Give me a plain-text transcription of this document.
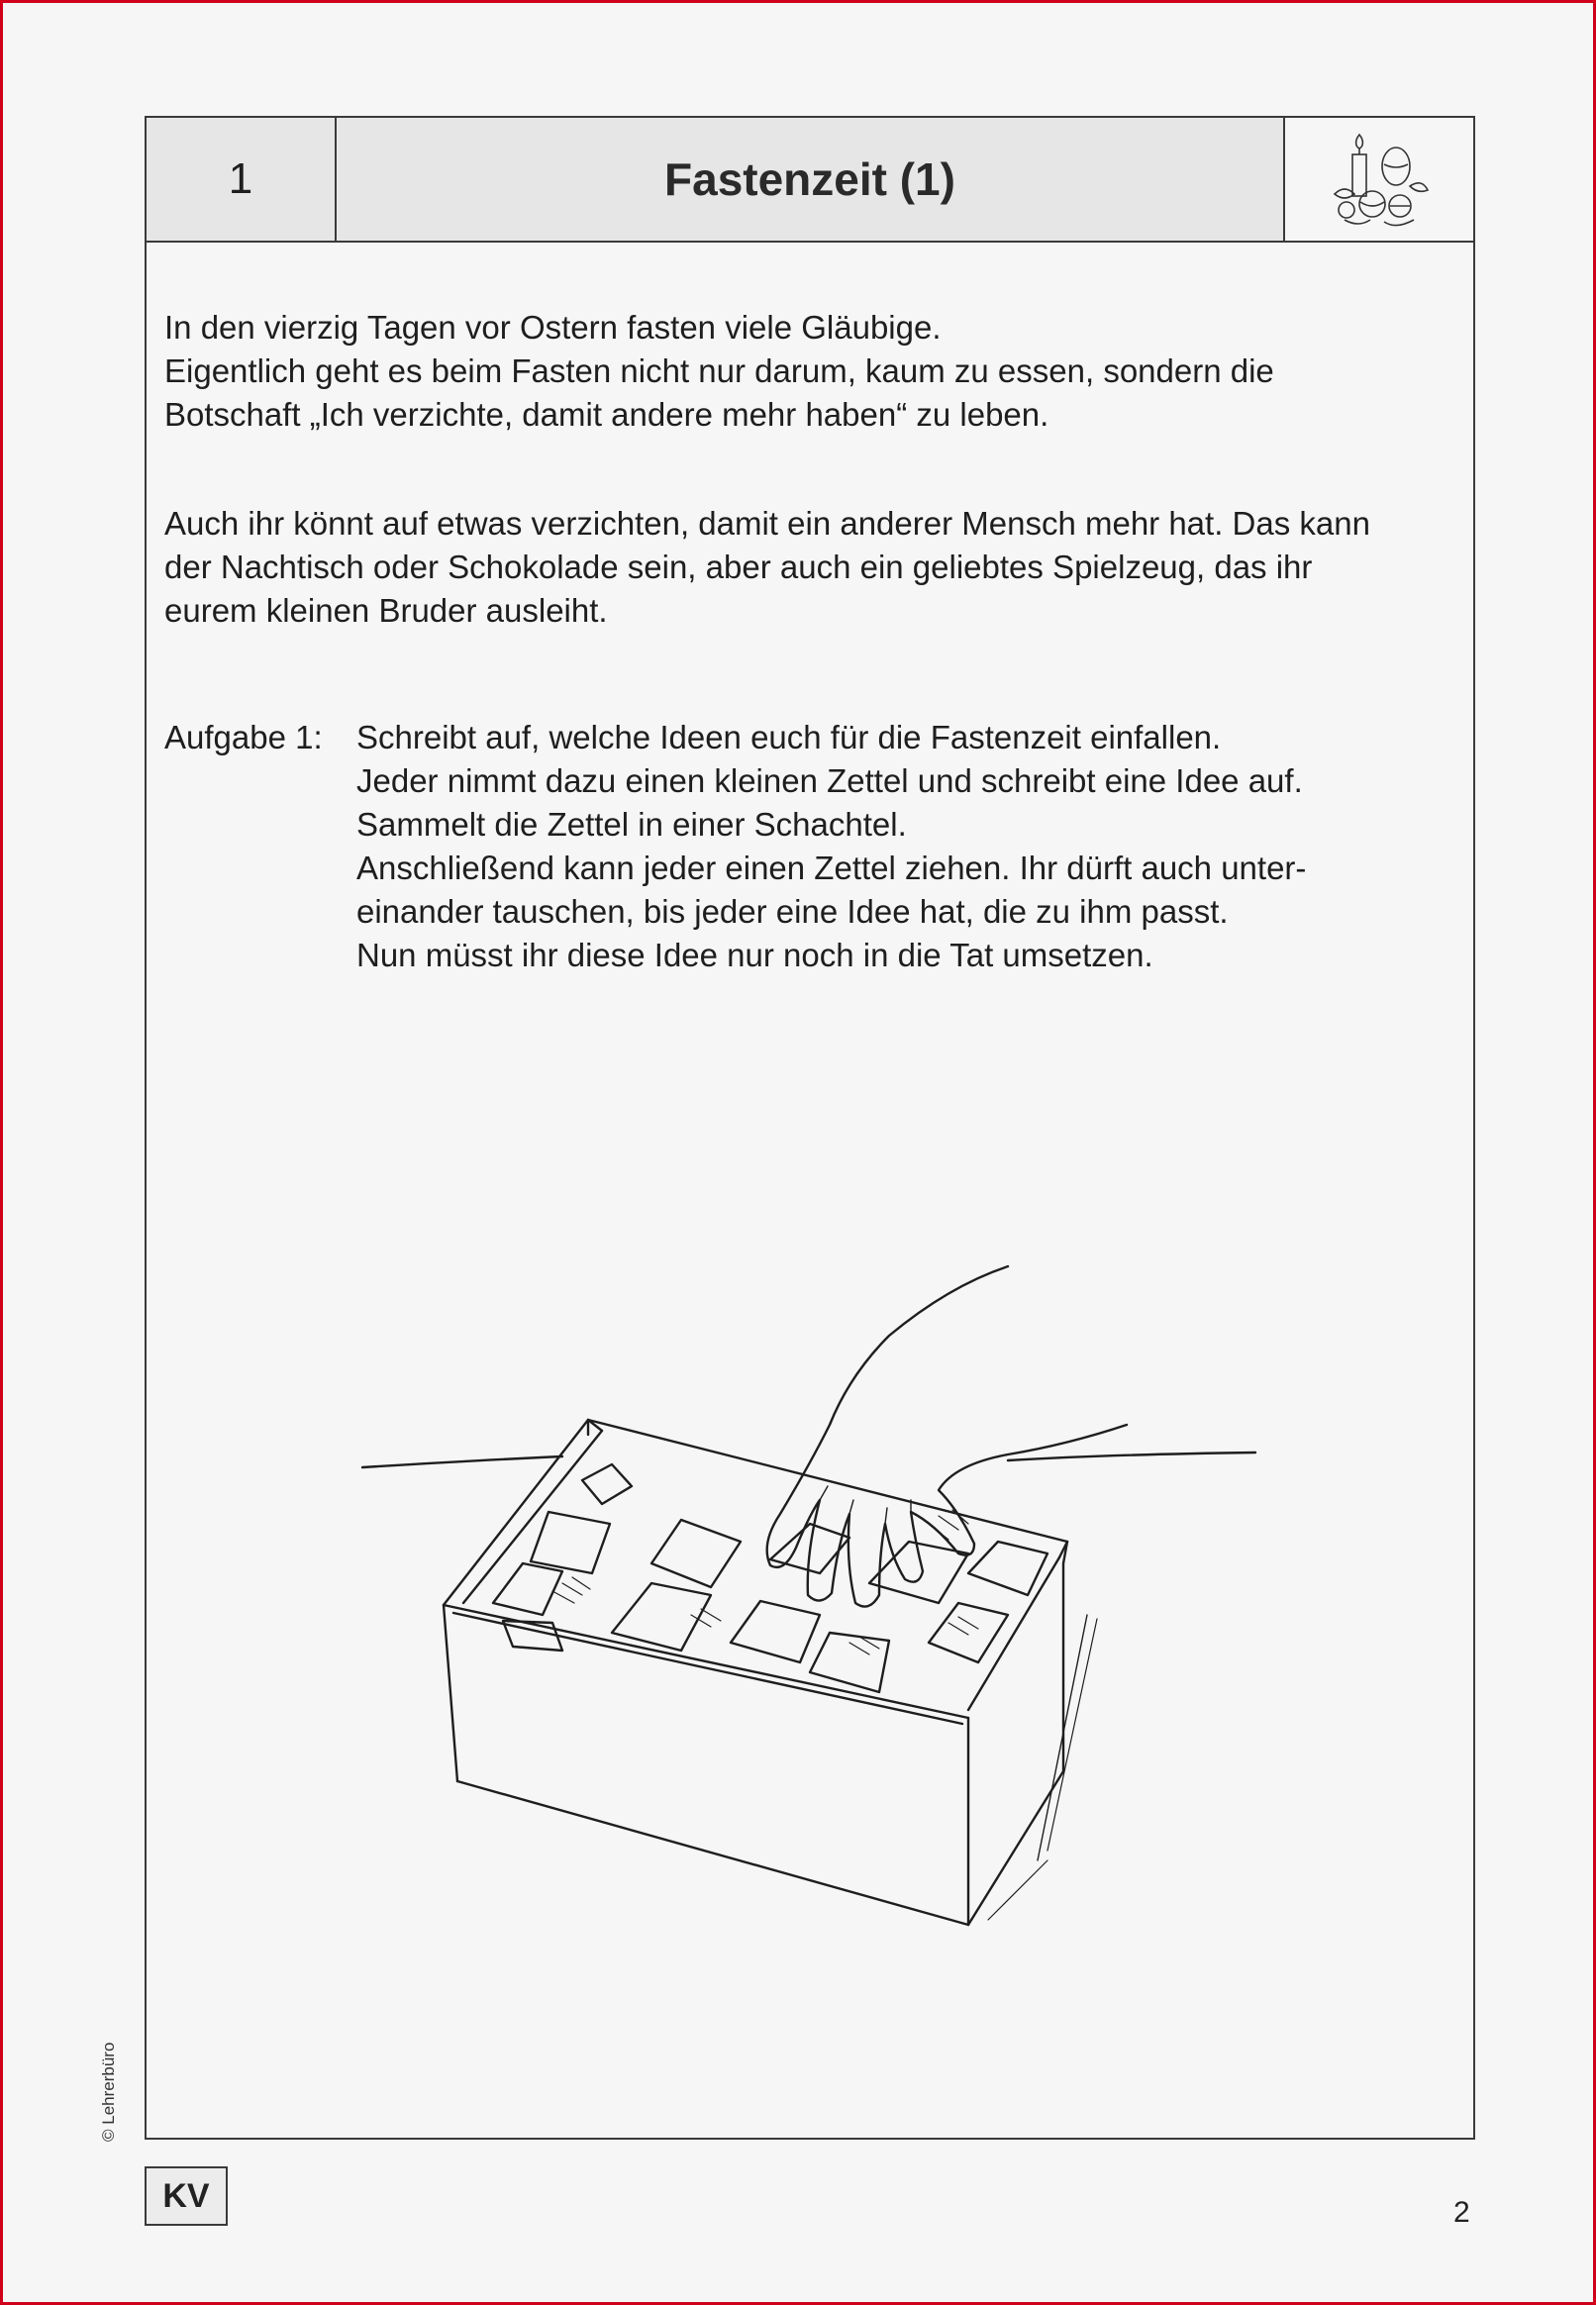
1	Fastenzeit (1)
In den vierzig Tagen vor Ostern fasten viele Gläubige.
Eigentlich geht es beim Fasten nicht nur darum, kaum zu essen, sondern die
Botschaft „Ich verzichte, damit andere mehr haben“ zu leben.
Auch ihr könnt auf etwas verzichten, damit ein anderer Mensch mehr hat. Das kann
der Nachtisch oder Schokolade sein, aber auch ein geliebtes Spielzeug, das ihr
eurem kleinen Bruder ausleiht.
Aufgabe 1:	Schreibt auf, welche Ideen euch für die Fastenzeit einfallen.
Jeder nimmt dazu einen kleinen Zettel und schreibt eine Idee auf.
Sammelt die Zettel in einer Schachtel.
Anschließend kann jeder einen Zettel ziehen. Ihr dürft auch unter-
einander tauschen, bis jeder eine Idee hat, die zu ihm passt.
Nun müsst ihr diese Idee nur noch in die Tat umsetzen.
© Lehrerbüro
KV	2
